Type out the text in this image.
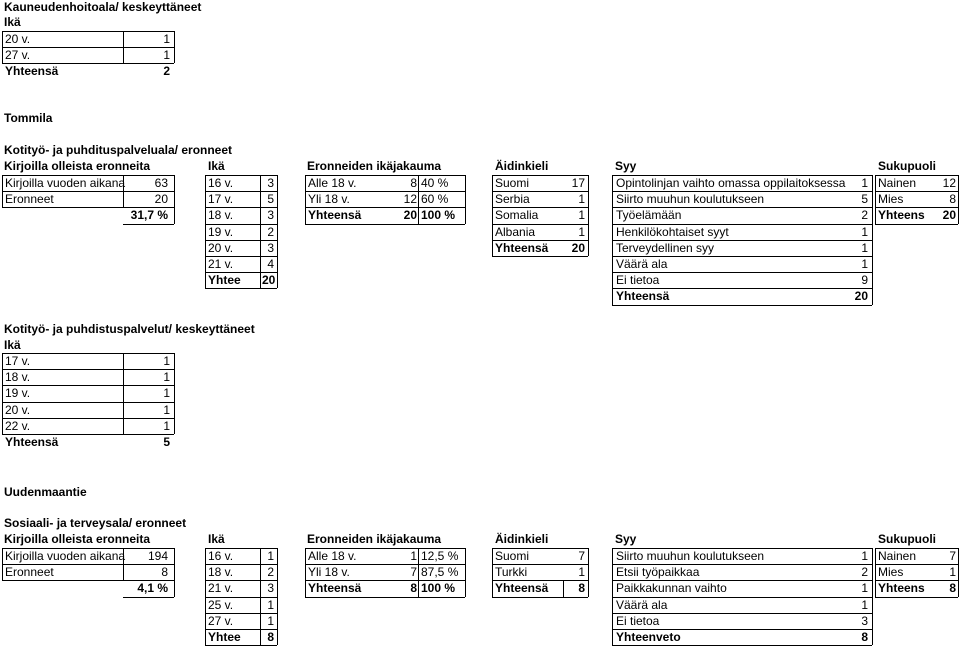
Kauneudenhoitoala/ keskeyttäneet
Ikä
20 v.	1
27 v.	1
Yhteensä	2
Tommila
Kotityö- ja puhdituspalveluala/ eronneet
Kirjoilla olleista eronneita	Ikä	Eronneiden ikäjakauma	Äidinkieli	Syy	Sukupuoli
Kirjoilla vuoden aikana	63
Eronneet	20
31,7 %
16 v.	3
17 v.	5
18 v.	3
19 v.	2
20 v.	3
21 v.	4
Yhtee	20
Alle 18 v.	8 40 %
Yli 18 v.	12 60 %
Yhteensä	20 100 %
Suomi	17
Serbia	1
Somalia	1
Albania	1
Yhteensä	20
Opintolinjan vaihto omassa oppilaitoksessa	1
Siirto muuhun koulutukseen	5
Työelämään	2
Henkilökohtaiset syyt	1
Terveydellinen syy	1
Väärä ala	1
Ei tietoa	9
Yhteensä	20
Nainen	12
Mies	8
Yhteens	20
Kotityö- ja puhdistuspalvelut/ keskeyttäneet
Ikä
17 v.	1
18 v.	1
19 v.	1
20 v.	1
22 v.	1
Yhteensä	5
Uudenmaantie
Sosiaali- ja terveysala/ eronneet
Kirjoilla olleista eronneita	Ikä	Eronneiden ikäjakauma	Äidinkieli	Syy	Sukupuoli
Kirjoilla vuoden aikana	194
Eronneet	8
4,1 %
16 v.	1
18 v.	2
21 v.	3
25 v.	1
27 v.	1
Yhtee	8
Alle 18 v.	1 12,5 %
Yli 18 v.	7 87,5 %
Yhteensä	8 100 %
Suomi	7
Turkki	1
Yhteensä	8
Siirto muuhun koulutukseen	1
Etsii työpaikkaa	2
Paikkakunnan vaihto	1
Väärä ala	1
Ei tietoa	3
Yhteenveto	8
Nainen	7
Mies	1
Yhteens	8
